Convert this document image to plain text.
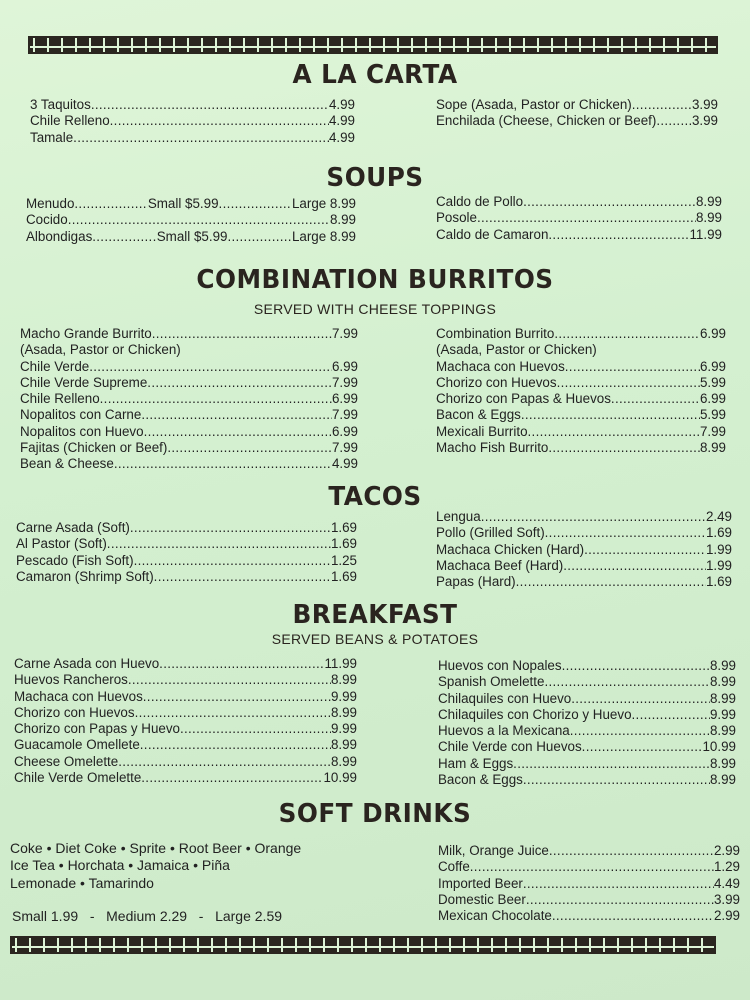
A LA CARTA
3 Taquitos .....	4.99
Chile Relleno .....	4.99
Tamale .....	4.99
Sope (Asada, Pastor or Chicken) .....	3.99
Enchilada (Cheese, Chicken or Beef) .....	3.99
SOUPS
Menudo .....	Small $5.99 .....	Large 8.99
Cocido .....	8.99
Albondigas .....	Small $5.99 .....	Large 8.99
Caldo de Pollo .....	8.99
Posole .....	8.99
Caldo de Camaron .....	11.99
COMBINATION BURRITOS
SERVED WITH CHEESE TOPPINGS
Macho Grande Burrito .....	7.99
(Asada, Pastor or Chicken)
Chile Verde .....	6.99
Chile Verde Supreme .....	7.99
Chile Relleno .....	6.99
Nopalitos con Carne .....	7.99
Nopalitos con Huevo .....	6.99
Fajitas (Chicken or Beef) .....	7.99
Bean & Cheese .....	4.99
Combination Burrito .....	6.99
(Asada, Pastor or Chicken)
Machaca con Huevos .....	6.99
Chorizo con Huevos .....	5.99
Chorizo con Papas & Huevos .....	6.99
Bacon & Eggs .....	5.99
Mexicali Burrito .....	7.99
Macho Fish Burrito .....	8.99
TACOS
Carne Asada (Soft) .....	1.69
Al Pastor (Soft) .....	1.69
Pescado (Fish Soft) .....	1.25
Camaron (Shrimp Soft) .....	1.69
Lengua .....	2.49
Pollo (Grilled Soft) .....	1.69
Machaca Chicken (Hard) .....	1.99
Machaca Beef (Hard) .....	1.99
Papas (Hard) .....	1.69
BREAKFAST
SERVED BEANS & POTATOES
Carne Asada con Huevo .....	11.99
Huevos Rancheros .....	8.99
Machaca con Huevos .....	9.99
Chorizo con Huevos .....	8.99
Chorizo con Papas y Huevo .....	9.99
Guacamole Omellete .....	8.99
Cheese Omelette .....	8.99
Chile Verde Omelette .....	10.99
Huevos con Nopales .....	8.99
Spanish Omelette .....	8.99
Chilaquiles con Huevo .....	8.99
Chilaquiles con Chorizo y Huevo .....	9.99
Huevos a la Mexicana .....	8.99
Chile Verde con Huevos .....	10.99
Ham & Eggs .....	8.99
Bacon & Eggs .....	8.99
SOFT DRINKS
Coke • Diet Coke • Sprite • Root Beer • Orange
Ice Tea • Horchata • Jamaica • Piña
Lemonade • Tamarindo
Small 1.99   -   Medium 2.29   -   Large 2.59
Milk, Orange Juice .....	2.99
Coffe .....	1.29
Imported Beer .....	4.49
Domestic Beer .....	3.99
Mexican Chocolate .....	2.99
